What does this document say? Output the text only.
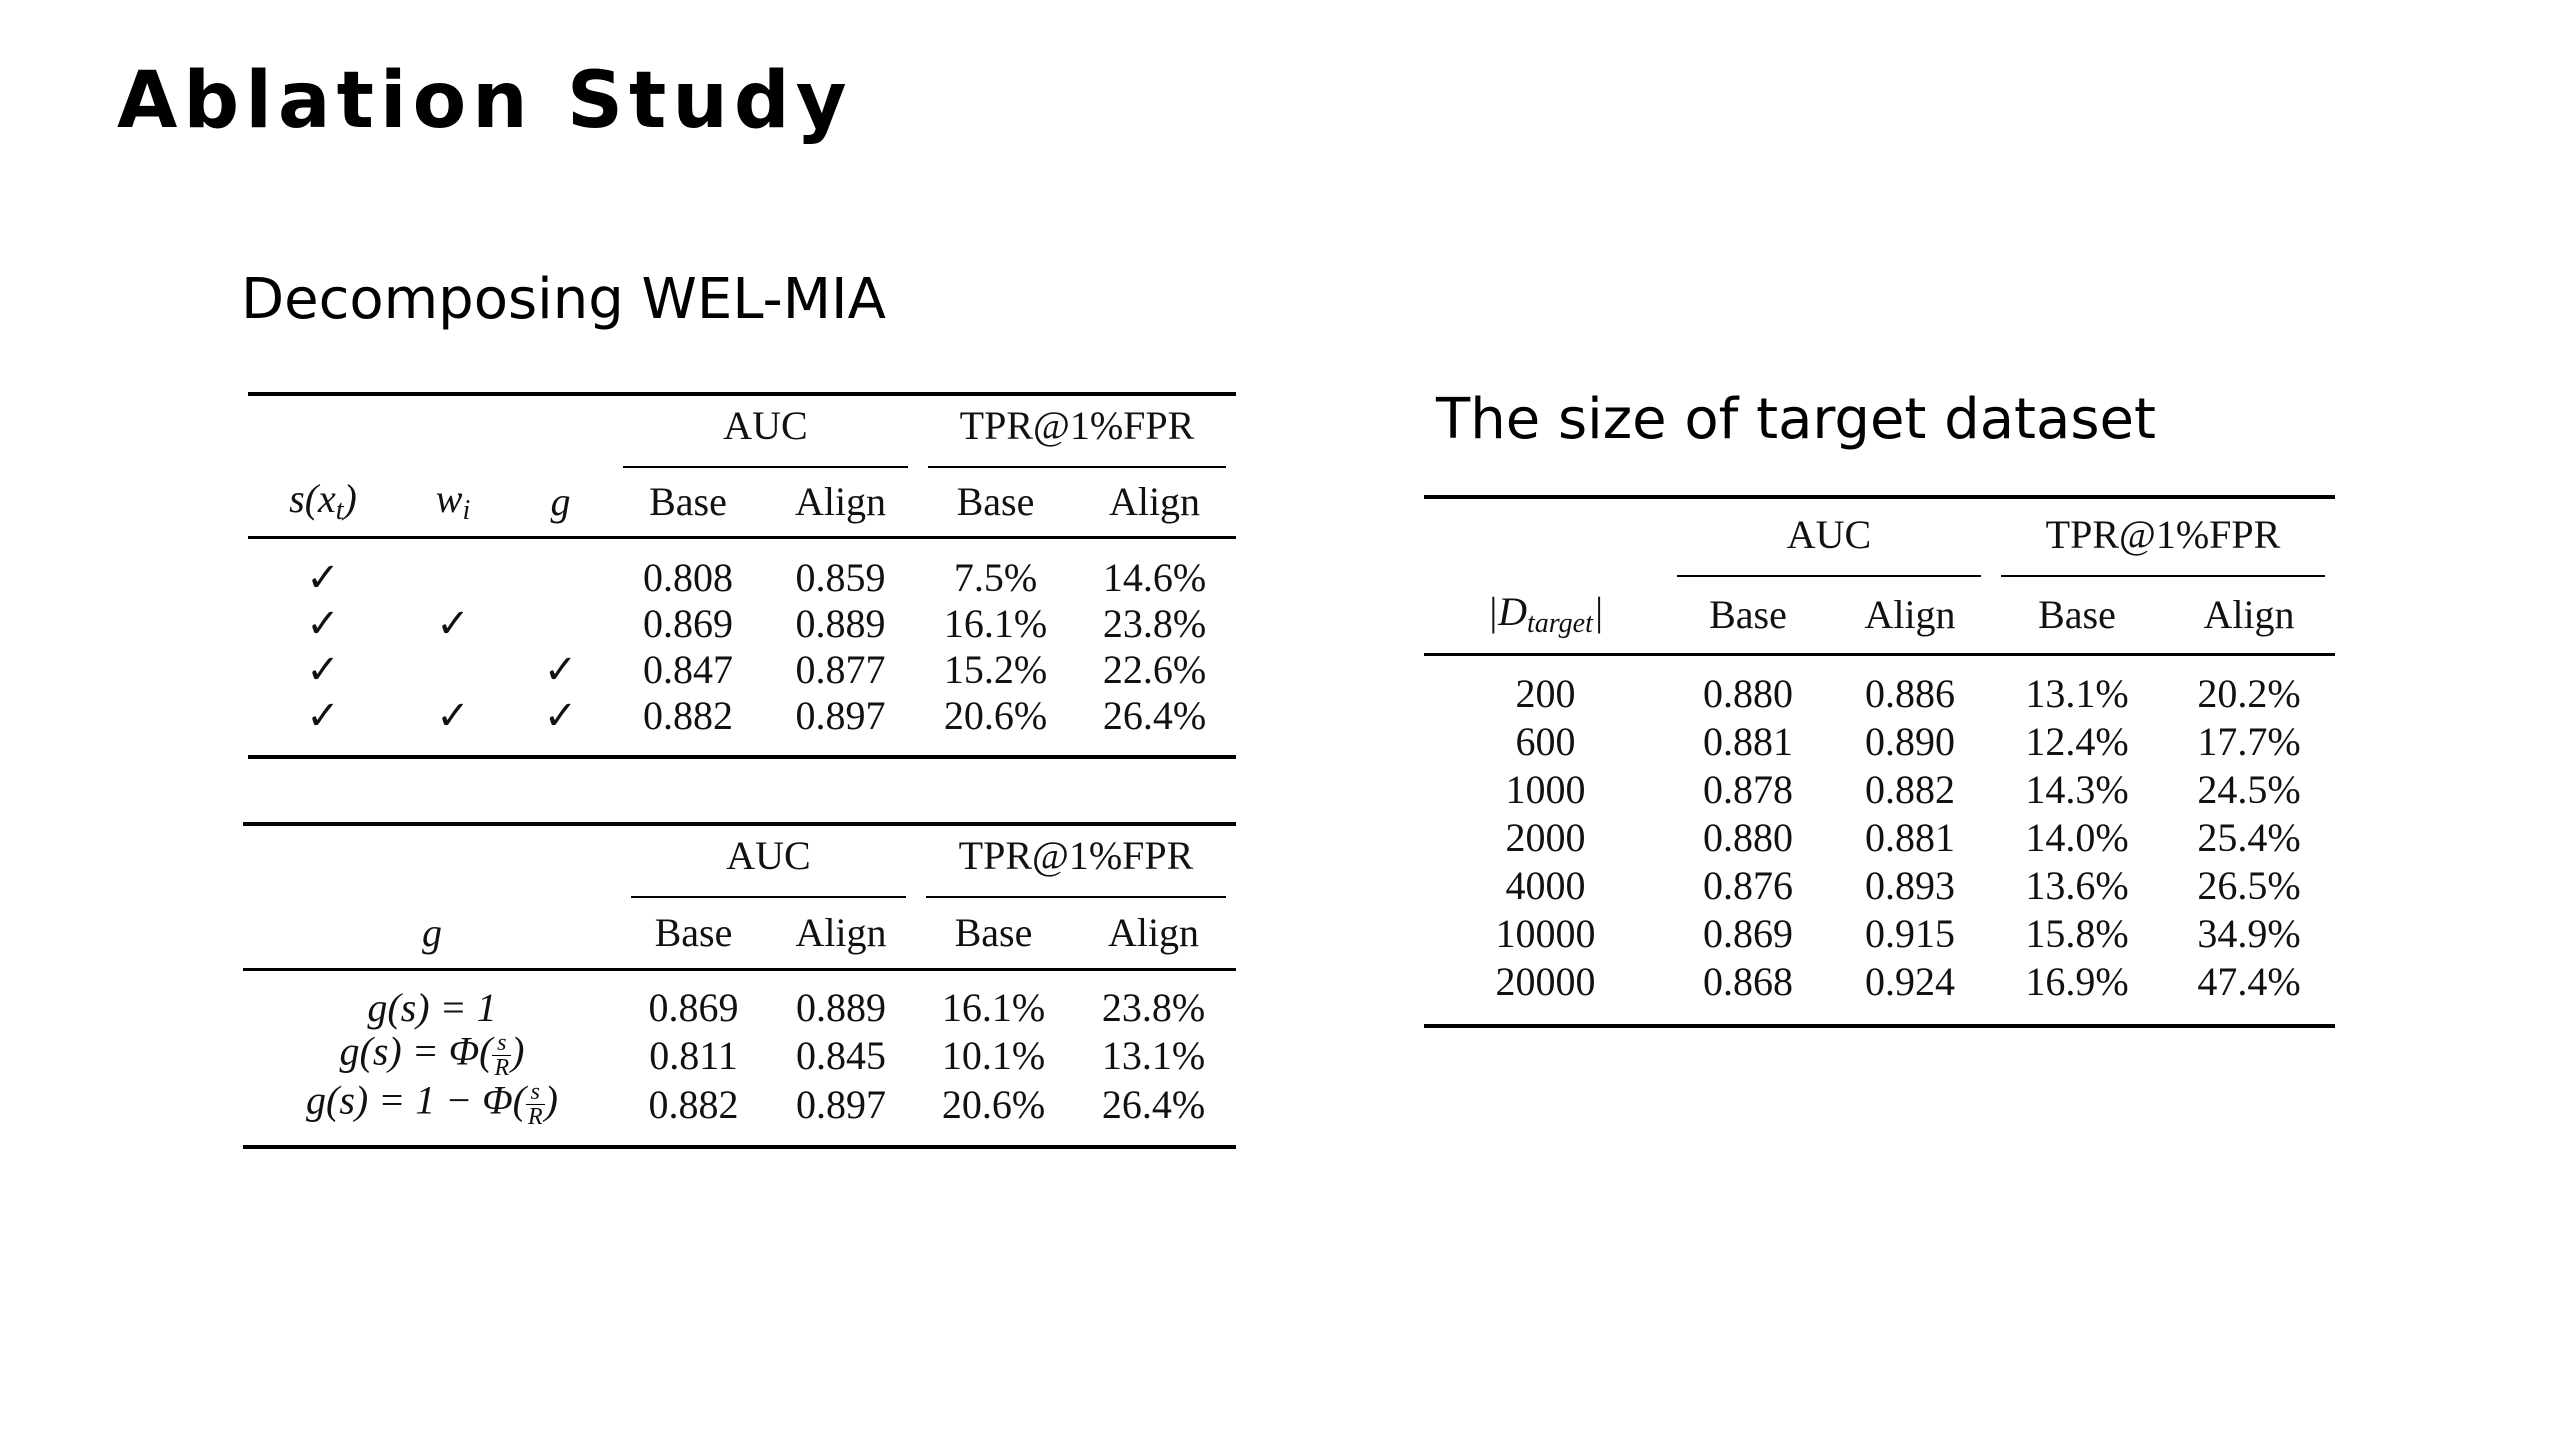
Ablation Study
Decomposing WEL-MIA
The size of target dataset

			AUC		TPR@1%FPR	

$s(x_t)$	$w_i$	g	Base	Align	Base	Align
✓			0.808	0.859	7.5%	14.6%
✓	✓		0.869	0.889	16.1%	23.8%
✓		✓	0.847	0.877	15.2%	22.6%
✓	✓	✓	0.882	0.897	20.6%	26.4%

	AUC		TPR@1%FPR	

g	Base	Align	Base	Align
g(s) = 1	0.869	0.889	16.1%	23.8%
$g(s) = \Phi( \frac{s}{R}$ )	0.811	0.845	10.1%	13.1%
$g(s) = 1 - \Phi( \frac{s}{R}$ )	0.882	0.897	20.6%	26.4%

	AUC		TPR@1%FPR	

$|D_{target}|$	Base	Align	Base	Align
200	0.880	0.886	13.1%	20.2%
600	0.881	0.890	12.4%	17.7%
1000	0.878	0.882	14.3%	24.5%
2000	0.880	0.881	14.0%	25.4%
4000	0.876	0.893	13.6%	26.5%
10000	0.869	0.915	15.8%	34.9%
20000	0.868	0.924	16.9%	47.4%
